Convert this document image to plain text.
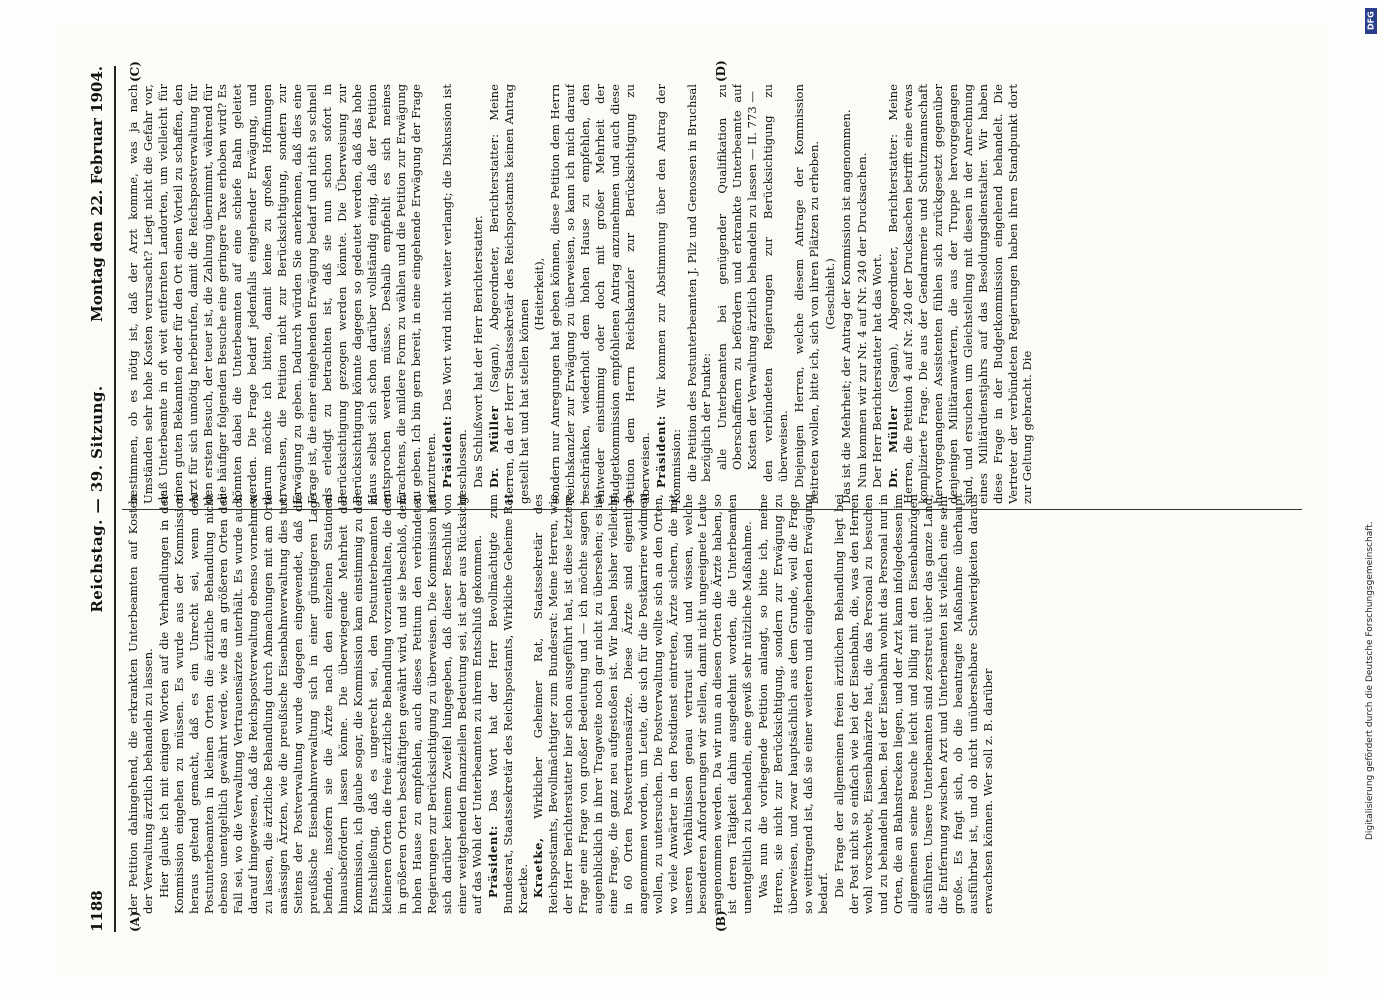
1188
Reichstag. — 39. Sitzung.
Montag den 22. Februar 1904.
(A)	(B)
(C)	(D)

der Petition dahingehend, die erkrankten Unterbeamten auf Kosten der Verwaltung ärztlich behandeln zu lassen. Hier glaube ich mit einigen Worten auf die Verhandlungen in der Kommission eingehen zu müssen. Es wurde aus der Kommission heraus geltend gemacht, daß es ein Unrecht sei, wenn den Postunterbeamten in kleinen Orten die ärztliche Behandlung nicht ebenso unentgeltlich gewährt werde, wie das an größeren Orten der Fall sei, wo die Verwaltung Vertrauensärzte unterhält. Es wurde auch darauf hingewiesen, daß die Reichspostverwaltung ebenso vornehmen zu lassen, die ärztliche Behandlung durch Abmachungen mit am Orte ansässigen Ärzten, wie die preußische Eisenbahnverwaltung dies tut. Seitens der Postverwaltung wurde dagegen eingewendet, daß die preußische Eisenbahnverwaltung sich in einer günstigeren Lage befinde, insofern sie die Ärzte nach den einzelnen Stationen hinausbefördern lassen könne. Die überwiegende Mehrheit der Kommission, ich glaube sogar, die Kommission kam einstimmig zu der Entschließung, daß es ungerecht sei, den Postunterbeamten in kleineren Orten die freie ärztliche Behandlung vorzuenthalten, die den in größeren Orten beschäftigten gewährt wird, und sie beschloß, dem hohen Hause zu empfehlen, auch dieses Petitum den verbündeten Regierungen zur Berücksichtigung zu überweisen. Die Kommission hat sich darüber keinem Zweifel hingegeben, daß dieser Beschluß von einer weitgehenden finanziellen Bedeutung sei, ist aber aus Rücksicht auf das Wohl der Unterbeamten zu ihrem Entschluß gekommen. Präsident: Das Wort hat der Herr Bevollmächtigte zum Bundesrat, Staatssekretär des Reichspostamts, Wirkliche Geheime Rat Kraetke. Kraetke, Wirklicher Geheimer Rat, Staatssekretär des Reichspostamts, Bevollmächtigter zum Bundesrat: Meine Herren, wie der Herr Berichterstatter hier schon ausgeführt hat, ist diese letztere Frage eine Frage von großer Bedeutung und — ich möchte sagen — augenblicklich in ihrer Tragweite noch gar nicht zu übersehen; es ist eine Frage, die ganz neu aufgestoßen ist. Wir haben bisher vielleicht in 60 Orten Postvertrauensärzte. Diese Ärzte sind eigentlich angenommen worden, um Leute, die sich für die Postkarriere widmen wollen, zu untersuchen. Die Postverwaltung wollte sich an den Orten, wo viele Anwärter in den Postdienst eintreten, Ärzte sichern, die mit unseren Verhältnissen genau vertraut sind und wissen, welche besonderen Anforderungen wir stellen, damit nicht ungeeignete Leute angenommen werden. Da wir nun an diesen Orten die Ärzte haben, so ist deren Tätigkeit dahin ausgedehnt worden, die Unterbeamten unentgeltlich zu behandeln, eine gewiß sehr nützliche Maßnahme. Was nun die vorliegende Petition anlangt, so bitte ich, meine Herren, sie nicht zur Berücksichtigung, sondern zur Erwägung zu überweisen, und zwar hauptsächlich aus dem Grunde, weil die Frage so weittragend ist, daß sie einer weiteren und eingehenden Erwägung bedarf. Die Frage der allgemeinen freien ärztlichen Behandlung liegt bei der Post nicht so einfach wie bei der Eisenbahn, die, was den Herren wohl vorschwebt, Eisenbahnärzte hat, die das Personal zu besuchen und zu behandeln haben. Bei der Eisenbahn wohnt das Personal nur in Orten, die an Bahnstrecken liegen, und der Arzt kann infolgedessen im allgemeinen seine Besuche leicht und billig mit den Eisenbahnzügen ausführen. Unsere Unterbeamten sind zerstreut über das ganze Land; die Entfernung zwischen Arzt und Unterbeamten ist vielfach eine sehr große. Es fragt sich, ob die beantragte Maßnahme überhaupt ausführbar ist, und ob nicht unübersehbare Schwierigkeiten daraus erwachsen können. Wer soll z. B. darüber

bestimmen, ob es nötig ist, daß der Arzt komme, was ja nach Umständen sehr hohe Kosten verursacht? Liegt nicht die Gefahr vor, daß Unterbeamte in oft weit entfernten Landorten, um vielleicht für einen guten Bekannten oder für den Ort einen Vorteil zu schaffen, den Arzt für sich unnötig herbeirufen, damit die Reichspostverwaltung für den ersten Besuch, der teuer ist, die Zahlung übernimmt, während für die häufiger folgenden Besuche eine geringere Taxe erhoben wird? Es könnten dabei die Unterbeamten auf eine schiefe Bahn geleitet werden. Die Frage bedarf jedenfalls eingehender Erwägung, und darum möchte ich bitten, damit keine zu großen Hoffnungen erwachsen, die Petition nicht zur Berücksichtigung, sondern zur Erwägung zu geben. Dadurch würden Sie anerkennen, daß dies eine Frage ist, die einer eingehenden Erwägung bedarf und nicht so schnell als erledigt zu betrachten ist, daß sie nun schon sofort in Berücksichtigung gezogen werden könnte. Die Überweisung zur Berücksichtigung könnte dagegen so gedeutet werden, daß das hohe Haus selbst sich schon darüber vollständig einig, daß der Petition entsprochen werden müsse. Deshalb empfiehlt es sich meines Erachtens, die mildere Form zu wählen und die Petition zur Erwägung zu geben. Ich bin gern bereit, in eine eingehende Erwägung der Frage einzutreten. Präsident: Das Wort wird nicht weiter verlangt; die Diskussion ist geschlossen. Das Schlußwort hat der Herr Berichterstatter. Dr. Müller (Sagan), Abgeordneter, Berichterstatter: Meine Herren, da der Herr Staatssekretär des Reichspostamts keinen Antrag gestellt hat und hat stellen können

(Heiterkeit), sondern nur Anregungen hat geben können, diese Petition dem Herrn Reichskanzler zur Erwägung zu überweisen, so kann ich mich darauf beschränken, wiederholt dem hohen Hause zu empfehlen, den entweder einstimmig oder doch mit großer Mehrheit der Budgetkommission empfohlenen Antrag anzunehmen und auch diese Petition dem Herrn Reichskanzler zur Berücksichtigung zu überweisen. Präsident: Wir kommen zur Abstimmung über den Antrag der Kommission: die Petition des Postunterbeamten J. Pilz und Genossen in Bruchsal bezüglich der Punkte: alle Unterbeamten bei genügender Qualifikation zu Oberschaffnern zu befördern und erkrankte Unterbeamte auf Kosten der Verwaltung ärztlich behandeln zu lassen — II. 773 — den verbündeten Regierungen zur Berücksichtigung zu überweisen. Diejenigen Herren, welche diesem Antrage der Kommission beitreten wollen, bitte ich, sich von ihren Plätzen zu erheben. (Geschieht.) Das ist die Mehrheit; der Antrag der Kommission ist angenommen. Nun kommen wir zur Nr. 4 auf Nr. 240 der Drucksachen. Der Herr Berichterstatter hat das Wort. Dr. Müller (Sagan), Abgeordneter, Berichterstatter: Meine Herren, die Petition 4 auf Nr. 240 der Drucksachen betrifft eine etwas komplizierte Frage. Die aus der Gendarmerie und Schutzmannschaft hervorgegangenen Assistenten fühlen sich zurückgesetzt gegenüber denjenigen Militäranwärtern, die aus der Truppe hervorgegangen sind, und ersuchen um Gleichstellung mit diesen in der Anrechnung eines Militärdienstjahrs auf das Besoldungsdienstalter. Wir haben diese Frage in der Budgetkommission eingehend behandelt. Die Vertreter der verbündeten Regierungen haben ihren Standpunkt dort zur Geltung gebracht. Die

DFG
Digitalisierung gefördert durch die Deutsche Forschungsgemeinschaft.
